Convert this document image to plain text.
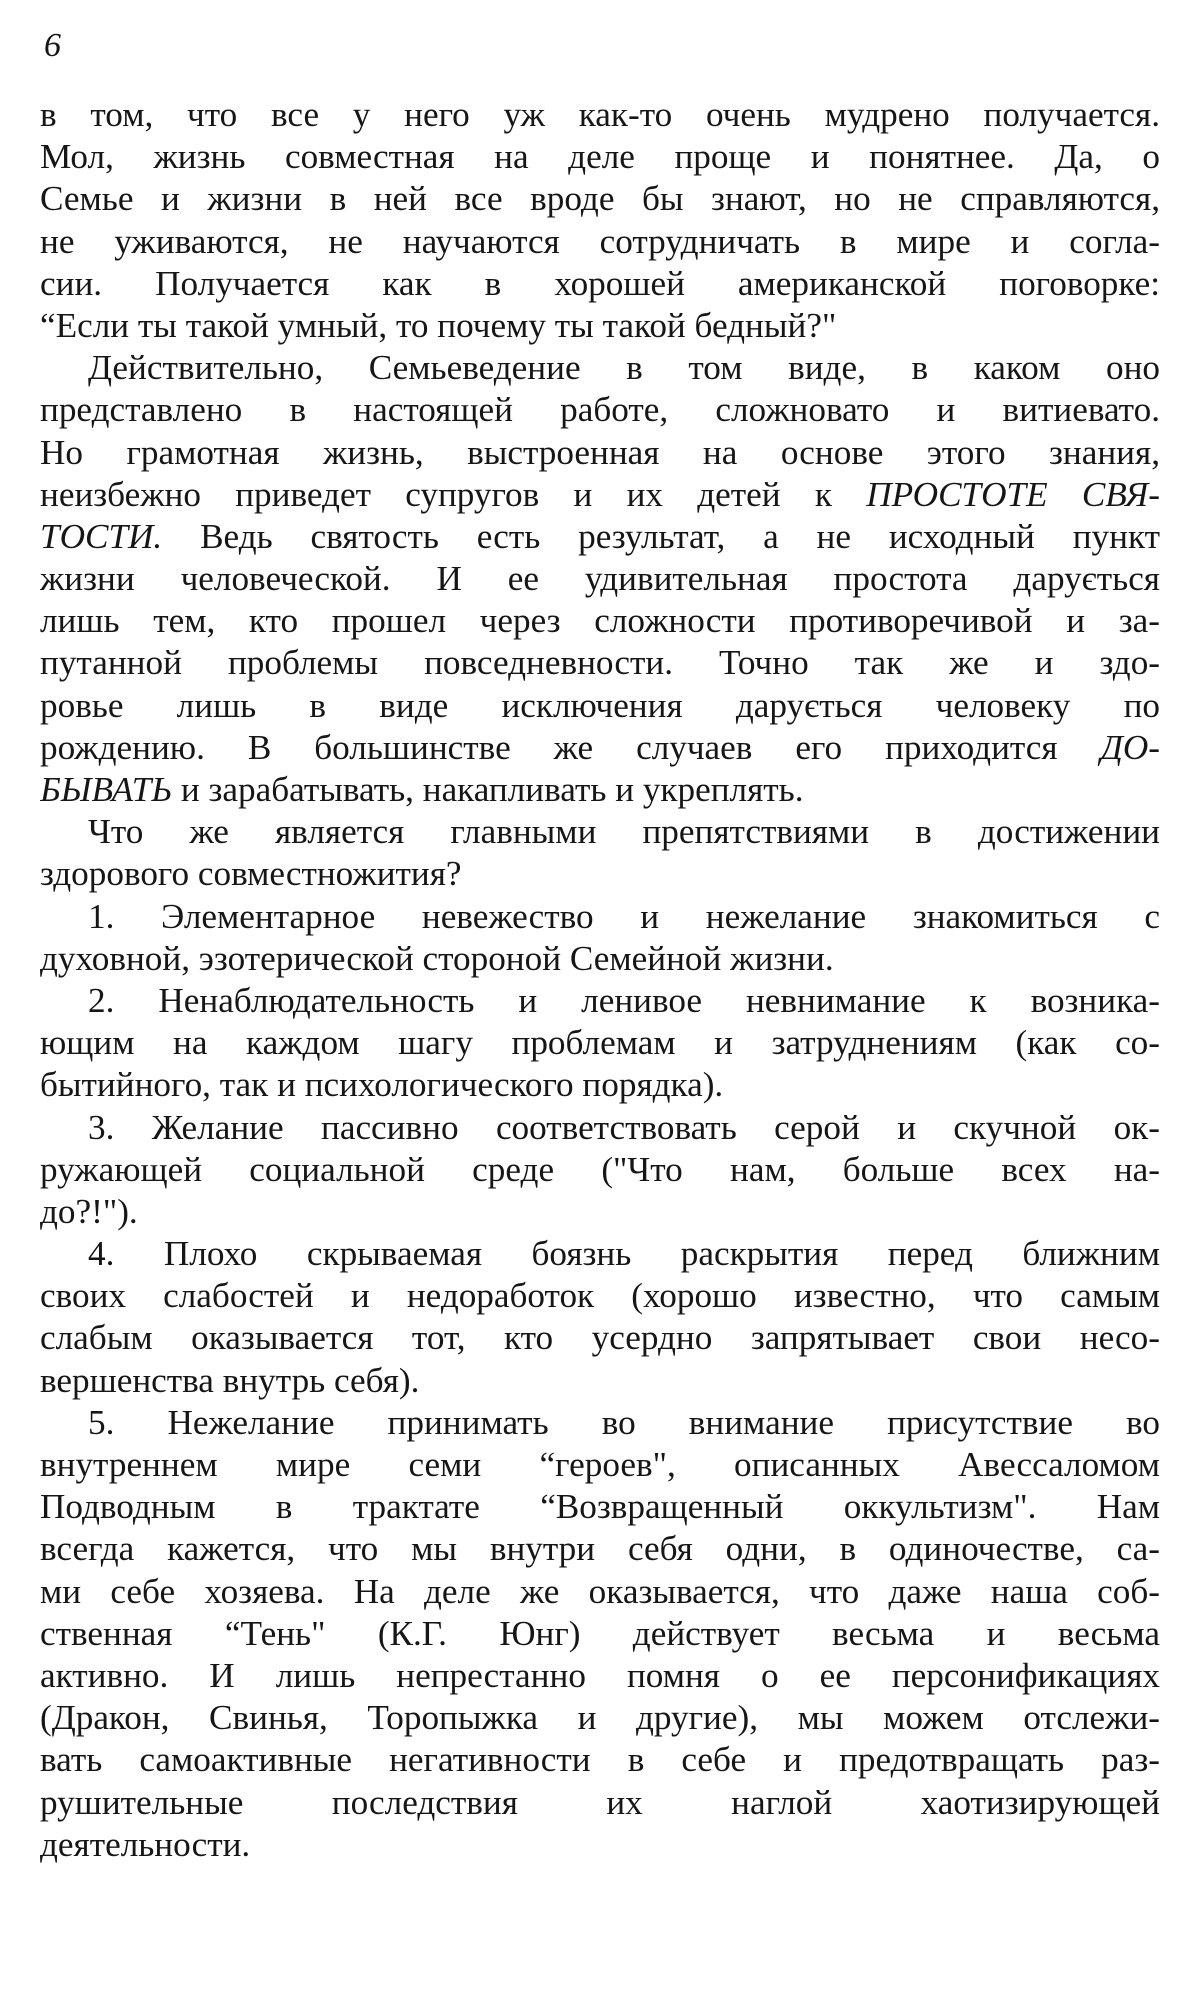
6
в том, что все у него уж как-то очень мудрено получается.
Мол, жизнь совместная на деле проще и понятнее. Да, о
Семье и жизни в ней все вроде бы знают, но не справляются,
не уживаются, не научаются сотрудничать в мире и согла-
сии. Получается как в хорошей американской поговорке:
“Если ты такой умный, то почему ты такой бедный?"
Действительно, Семьеведение в том виде, в каком оно
представлено в настоящей работе, сложновато и витиевато.
Но грамотная жизнь, выстроенная на основе этого знания,
неизбежно приведет супругов и их детей к ПРОСТОТЕ СВЯ-
ТОСТИ. Ведь святость есть результат, а не исходный пункт
жизни человеческой. И ее удивительная простота дарується
лишь тем, кто прошел через сложности противоречивой и за-
путанной проблемы повседневности. Точно так же и здо-
ровье лишь в виде исключения дарується человеку по
рождению. В большинстве же случаев его приходится ДО-
БЫВАТЬ и зарабатывать, накапливать и укреплять.
Что же является главными препятствиями в достижении
здорового совместножития?
1. Элементарное невежество и нежелание знакомиться с
духовной, эзотерической стороной Семейной жизни.
2. Ненаблюдательность и ленивое невнимание к возника-
ющим на каждом шагу проблемам и затруднениям (как со-
бытийного, так и психологического порядка).
3. Желание пассивно соответствовать серой и скучной ок-
ружающей социальной среде ("Что нам, больше всех на-
до?!").
4. Плохо скрываемая боязнь раскрытия перед ближним
своих слабостей и недоработок (хорошо известно, что самым
слабым оказывается тот, кто усердно запрятывает свои несо-
вершенства внутрь себя).
5. Нежелание принимать во внимание присутствие во
внутреннем мире семи “героев", описанных Авессаломом
Подводным в трактате “Возвращенный оккультизм". Нам
всегда кажется, что мы внутри себя одни, в одиночестве, са-
ми себе хозяева. На деле же оказывается, что даже наша соб-
ственная “Тень" (К.Г. Юнг) действует весьма и весьма
активно. И лишь непрестанно помня о ее персонификациях
(Дракон, Свинья, Торопыжка и другие), мы можем отслежи-
вать самоактивные негативности в себе и предотвращать раз-
рушительные последствия их наглой хаотизирующей
деятельности.
